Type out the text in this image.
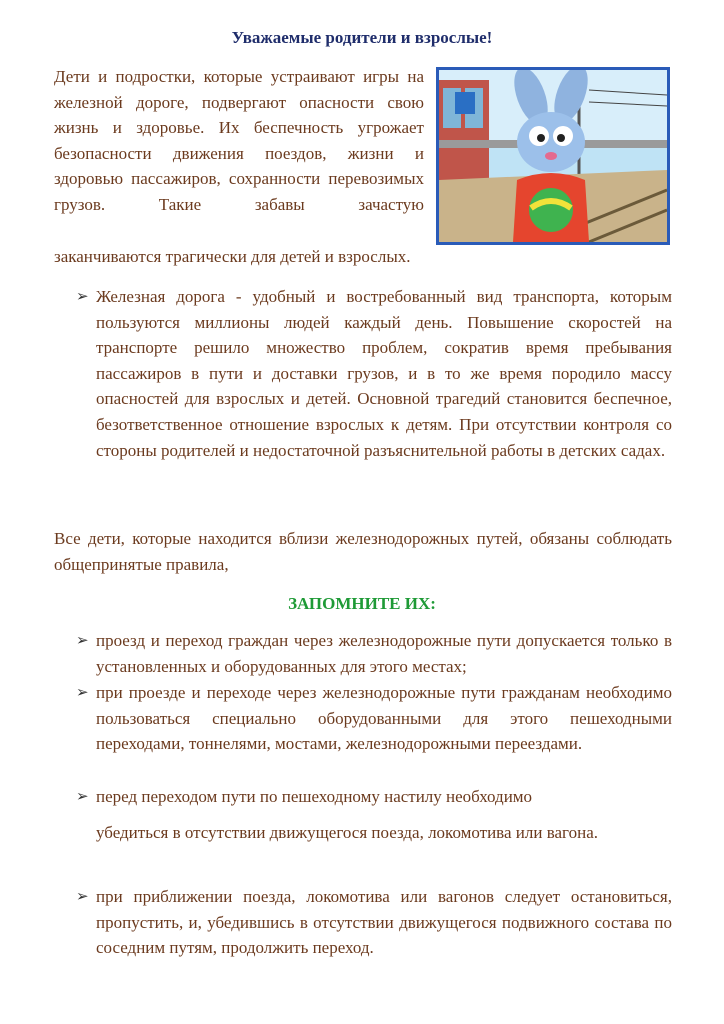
Уважаемые родители и взрослые!
Дети и подростки, которые устраивают игры на железной дороге, подвергают опасности свою жизнь и здоровье. Их беспечность угрожает безопасности движения поездов, жизни и здоровью пассажиров, сохранности перевозимых грузов. Такие забавы зачастую
заканчиваются трагически для детей и взрослых.
➢ Железная дорога - удобный и востребованный вид транспорта, которым пользуются миллионы людей каждый день. Повышение скоростей на транспорте решило множество проблем, сократив время пребывания пассажиров в пути и доставки грузов, и в то же время породило массу опасностей для взрослых и детей. Основной трагедий становится беспечное, безответственное отношение взрослых к детям. При отсутствии контроля со стороны родителей и недостаточной разъяснительной работы в детских садах.
Все дети, которые находится вблизи железнодорожных путей, обязаны соблюдать общепринятые правила,
ЗАПОМНИТЕ ИХ:
➢ проезд и переход граждан через железнодорожные пути допускается только в установленных и оборудованных для этого местах;
➢ при проезде и переходе через железнодорожные пути гражданам необходимо пользоваться специально оборудованными для этого пешеходными переходами, тоннелями, мостами, железнодорожными переездами.
➢ перед переходом пути по пешеходному настилу необходимо
убедиться в отсутствии движущегося поезда, локомотива или вагона.
➢ при приближении поезда, локомотива или вагонов следует остановиться, пропустить, и, убедившись в отсутствии движущегося подвижного состава по соседним путям, продолжить переход.
